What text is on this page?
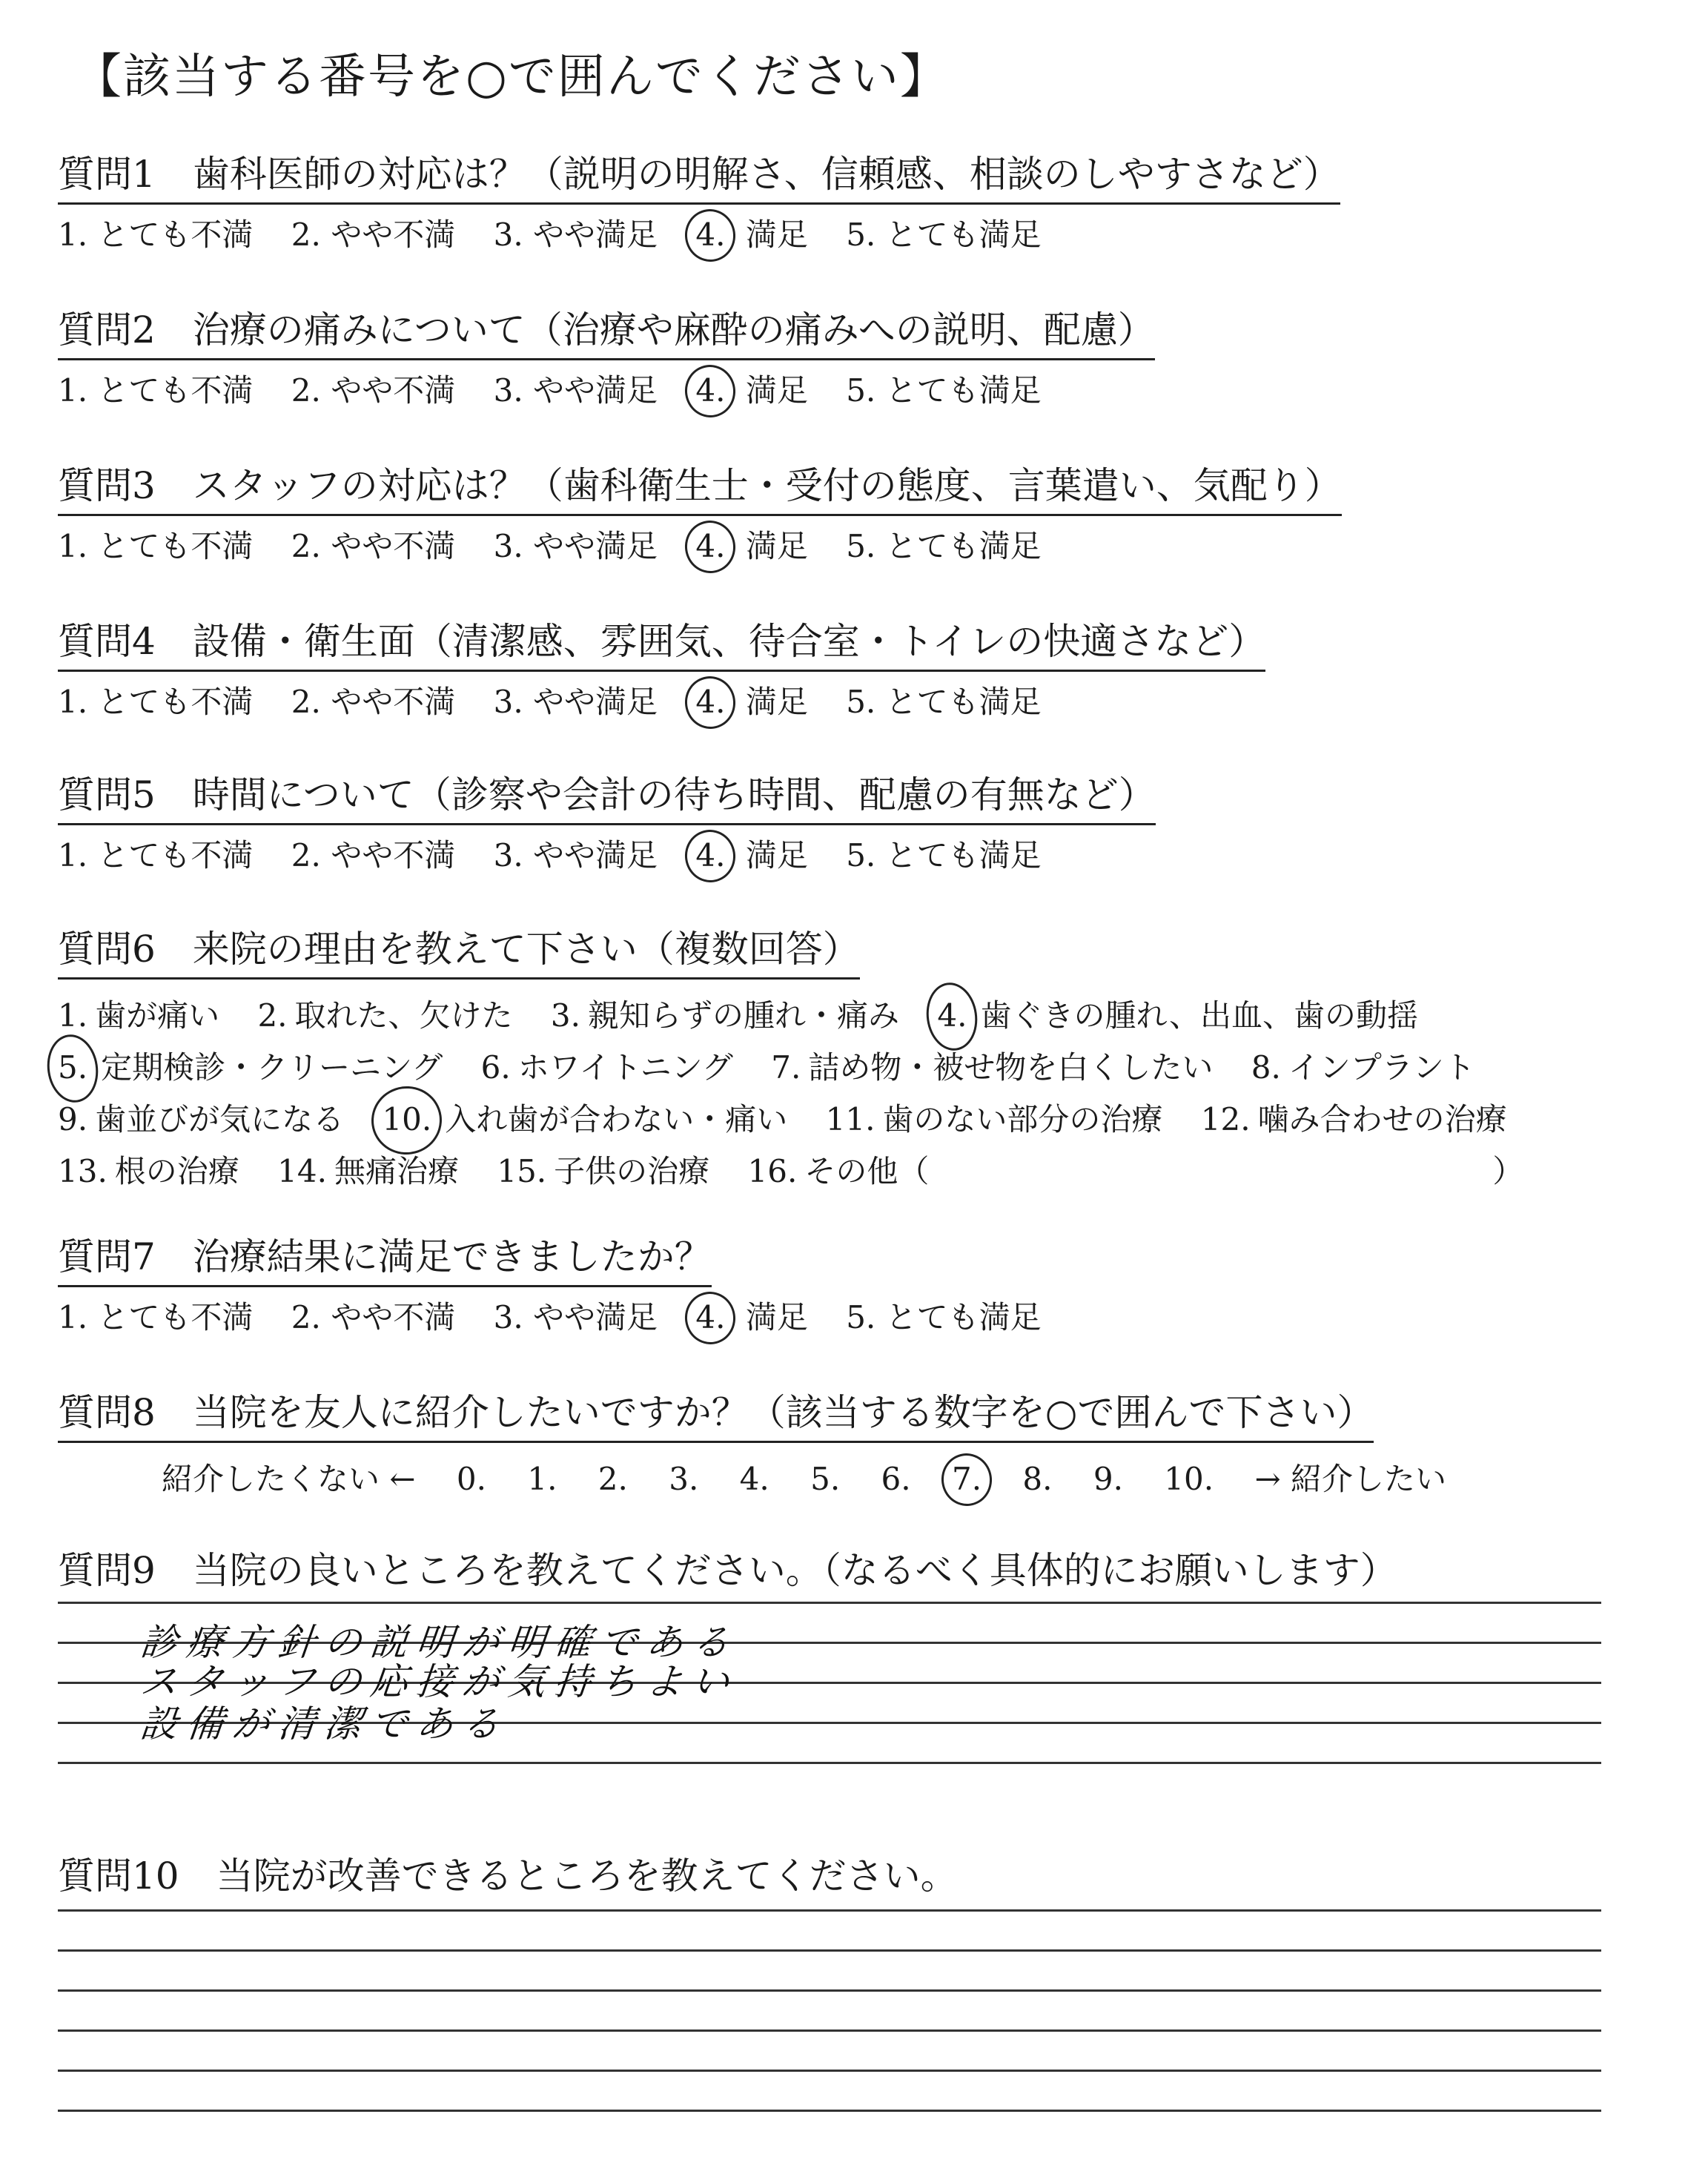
【該当する番号を○で囲んでください】
質問1　歯科医師の対応は？（説明の明解さ、信頼感、相談のしやすさなど）
1. とても不満 2. やや不満 3. やや満足 4. 満足 5. とても満足
質問2　治療の痛みについて（治療や麻酔の痛みへの説明、配慮）
1. とても不満 2. やや不満 3. やや満足 4. 満足 5. とても満足
質問3　スタッフの対応は？（歯科衛生士・受付の態度、言葉遣い、気配り）
1. とても不満 2. やや不満 3. やや満足 4. 満足 5. とても満足
質問4　設備・衛生面（清潔感、雰囲気、待合室・トイレの快適さなど）
1. とても不満 2. やや不満 3. やや満足 4. 満足 5. とても満足
質問5　時間について（診察や会計の待ち時間、配慮の有無など）
1. とても不満 2. やや不満 3. やや満足 4. 満足 5. とても満足
質問6　来院の理由を教えて下さい（複数回答）
1. 歯が痛い 2. 取れた、欠けた 3. 親知らずの腫れ・痛み 4. 歯ぐきの腫れ、出血、歯の動揺
5. 定期検診・クリーニング 6. ホワイトニング 7. 詰め物・被せ物を白くしたい 8. インプラント
9. 歯並びが気になる 10. 入れ歯が合わない・痛い 11. 歯のない部分の治療 12. 噛み合わせの治療
13. 根の治療 14. 無痛治療 15. 子供の治療 16. その他（	）
質問7　治療結果に満足できましたか？
1. とても不満 2. やや不満 3. やや満足 4. 満足 5. とても満足
質問8　当院を友人に紹介したいですか？（該当する数字を○で囲んで下さい）
紹介したくない ← 0. 1. 2. 3. 4. 5. 6. 7. 8. 9. 10. → 紹介したい
質問9　当院の良いところを教えてください。（なるべく具体的にお願いします）
診療方針の説明が明確である
スタッフの応接が気持ちよい
設備が清潔である
質問10　当院が改善できるところを教えてください。
